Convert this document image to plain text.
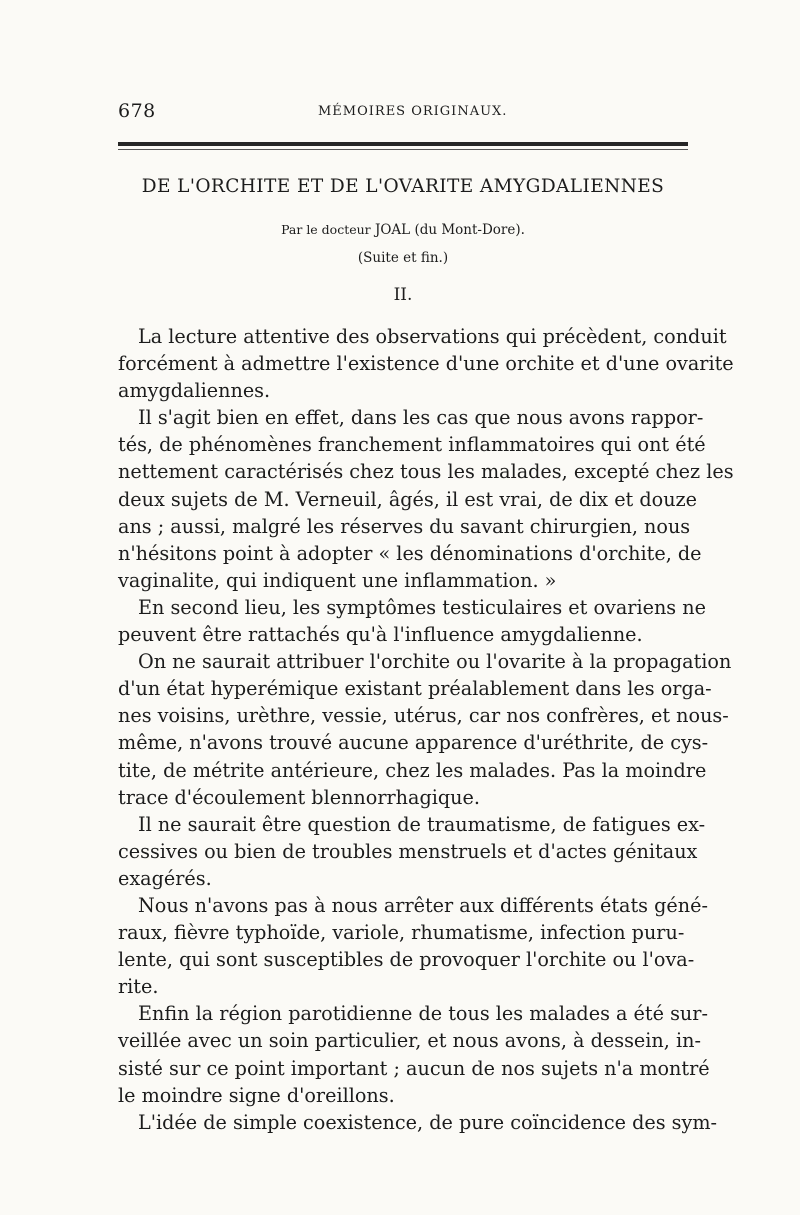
678	MÉMOIRES ORIGINAUX.
DE L'ORCHITE ET DE L'OVARITE AMYGDALIENNES
Par le docteur JOAL (du Mont-Dore).
(Suite et fin.)
II.
La lecture attentive des observations qui précèdent, conduit
forcément à admettre l'existence d'une orchite et d'une ovarite
amygdaliennes.
Il s'agit bien en effet, dans les cas que nous avons rappor-
tés, de phénomènes franchement inflammatoires qui ont été
nettement caractérisés chez tous les malades, excepté chez les
deux sujets de M. Verneuil, âgés, il est vrai, de dix et douze
ans ; aussi, malgré les réserves du savant chirurgien, nous
n'hésitons point à adopter « les dénominations d'orchite, de
vaginalite, qui indiquent une inflammation. »
En second lieu, les symptômes testiculaires et ovariens ne
peuvent être rattachés qu'à l'influence amygdalienne.
On ne saurait attribuer l'orchite ou l'ovarite à la propagation
d'un état hyperémique existant préalablement dans les orga-
nes voisins, urèthre, vessie, utérus, car nos confrères, et nous-
même, n'avons trouvé aucune apparence d'uréthrite, de cys-
tite, de métrite antérieure, chez les malades. Pas la moindre
trace d'écoulement blennorrhagique.
Il ne saurait être question de traumatisme, de fatigues ex-
cessives ou bien de troubles menstruels et d'actes génitaux
exagérés.
Nous n'avons pas à nous arrêter aux différents états géné-
raux, fièvre typhoïde, variole, rhumatisme, infection puru-
lente, qui sont susceptibles de provoquer l'orchite ou l'ova-
rite.
Enfin la région parotidienne de tous les malades a été sur-
veillée avec un soin particulier, et nous avons, à dessein, in-
sisté sur ce point important ; aucun de nos sujets n'a montré
le moindre signe d'oreillons.
L'idée de simple coexistence, de pure coïncidence des sym-
